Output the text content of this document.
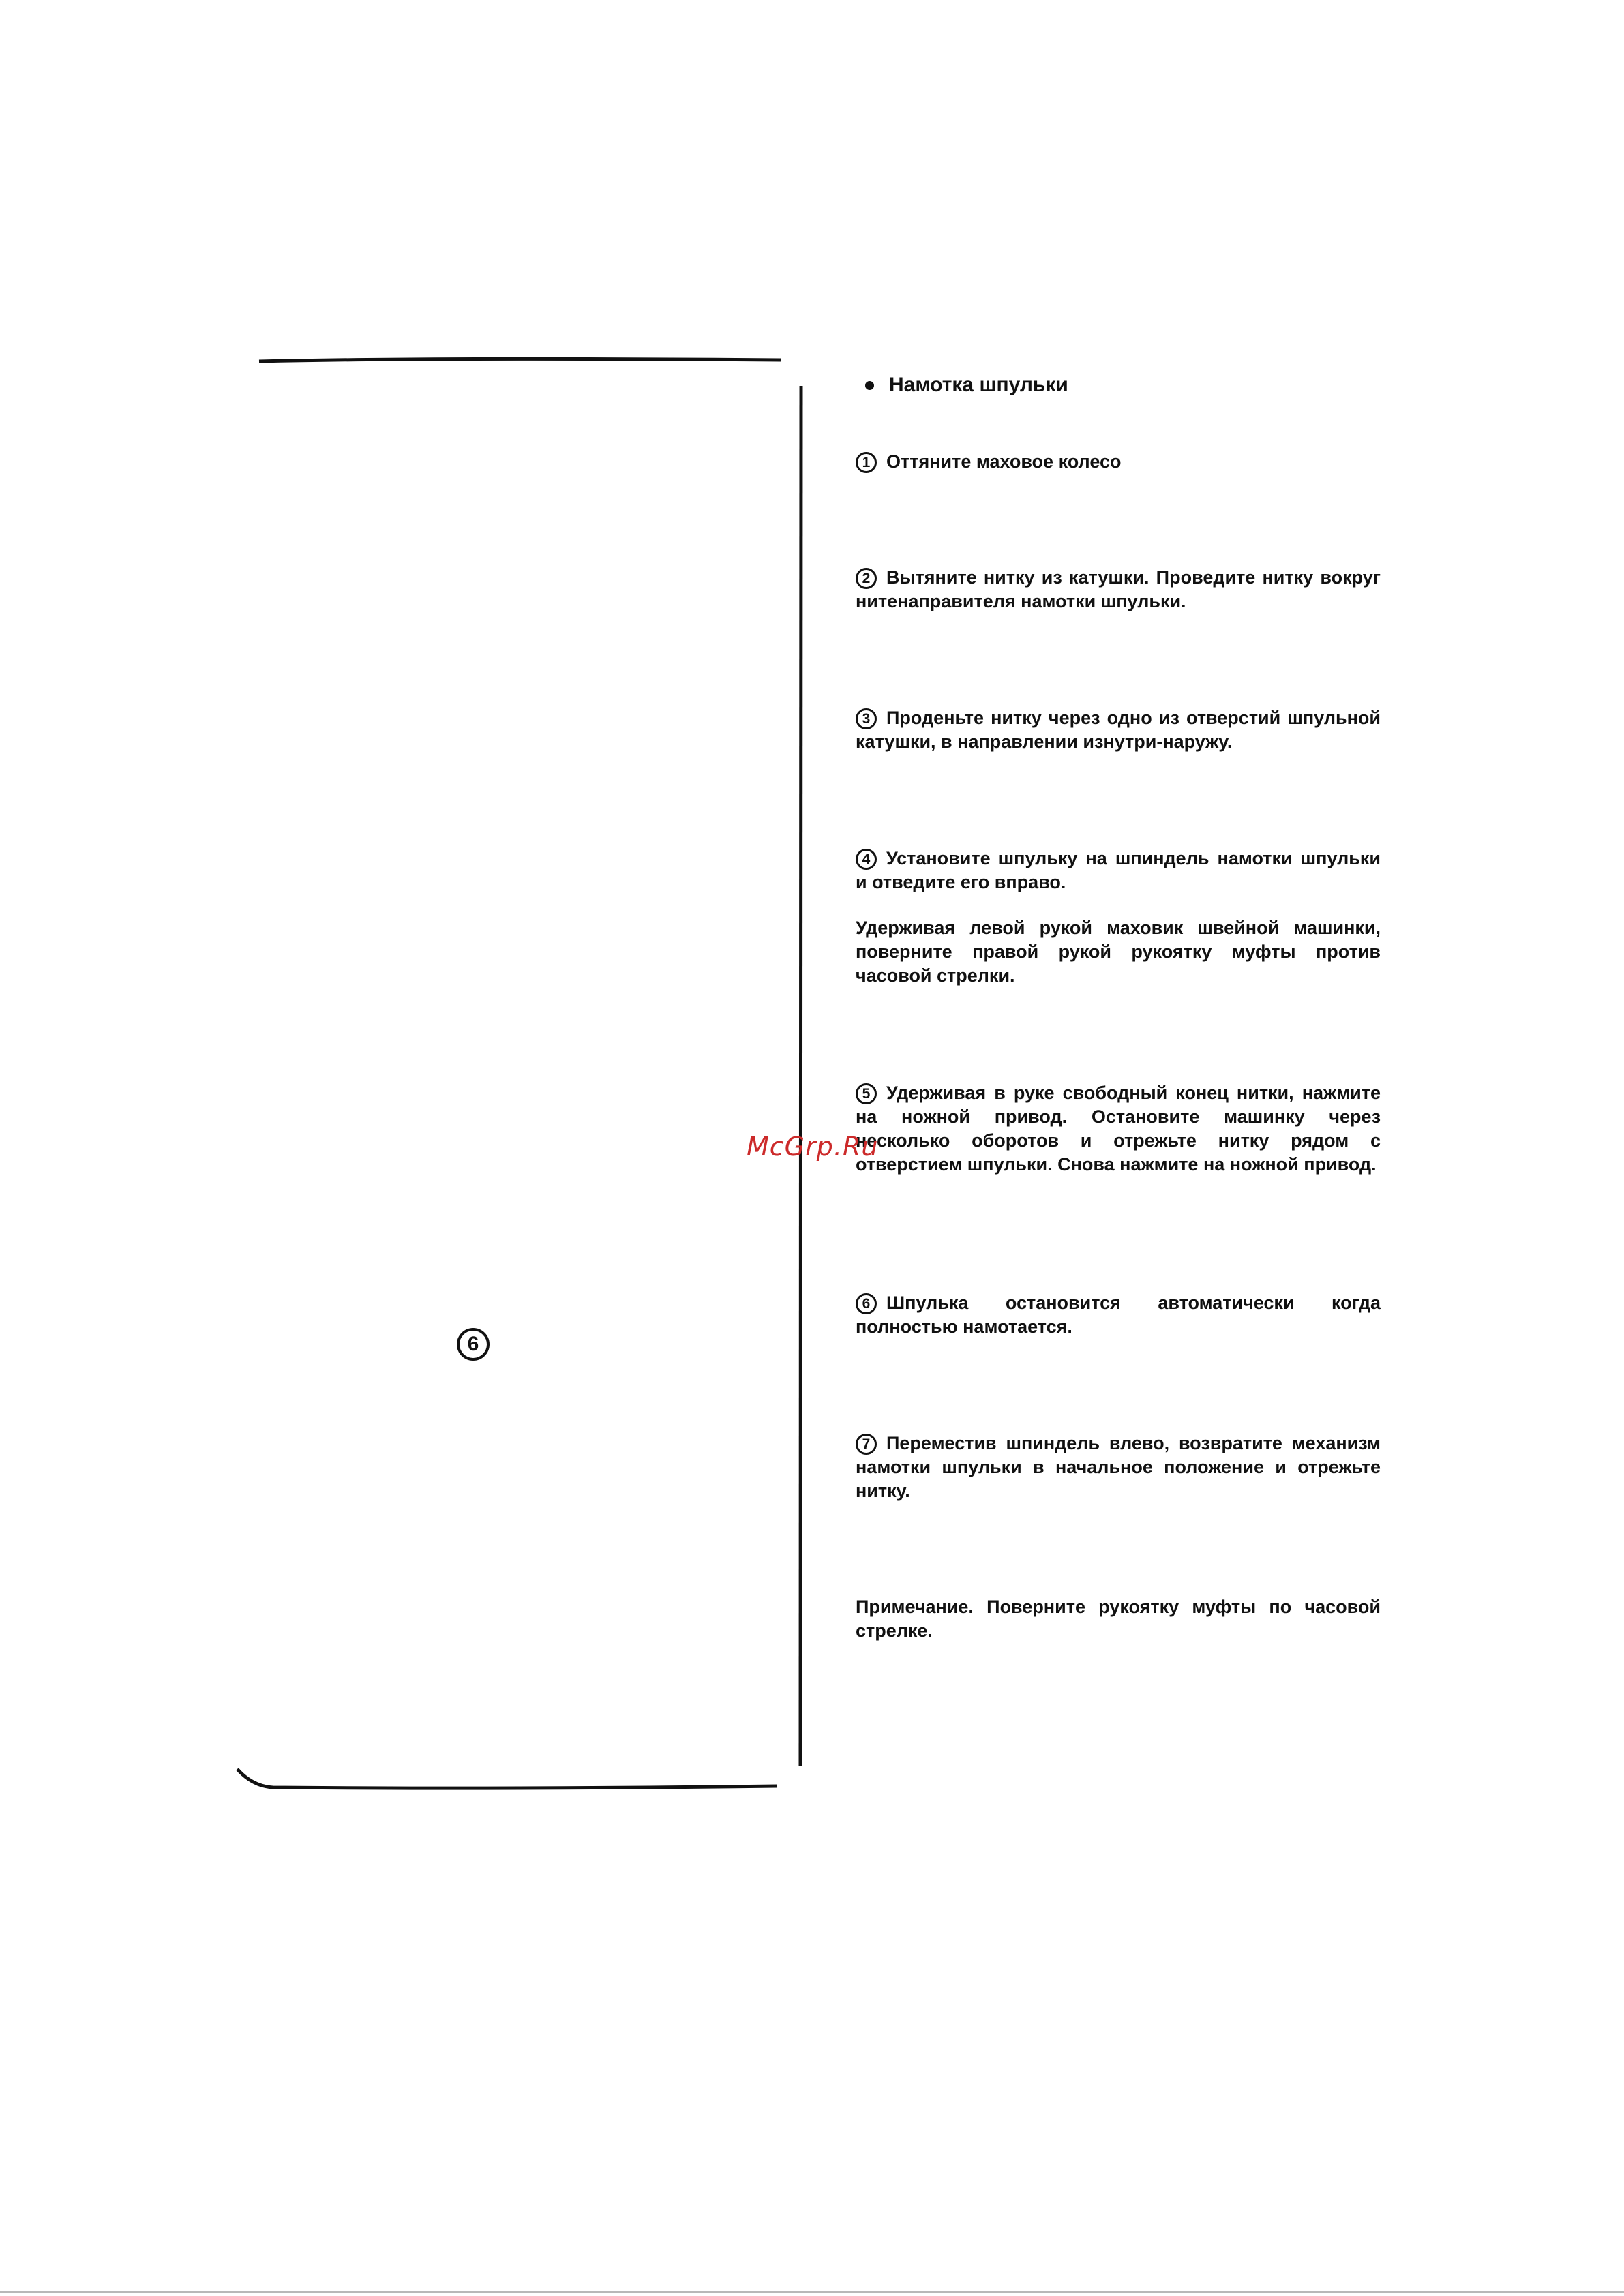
6
Намотка шпульки
1 Оттяните маховое колесо
2 Вытяните нитку из катушки. Проведите нитку вокруг нитенаправителя намотки шпульки.
3 Проденьте нитку через одно из отверстий шпульной катушки, в направлении изнутри-наружу.
4 Установите шпульку на шпиндель намотки шпульки и отведите его вправо.
Удерживая левой рукой маховик швейной машинки, поверните правой рукой рукоятку муфты против часовой стрелки.
5 Удерживая в руке свободный конец нитки, нажмите на ножной привод. Остановите машинку через несколько оборотов и отрежьте нитку рядом с отверстием шпульки. Снова нажмите на ножной привод.
6 Шпулька остановится автоматически когда полностью намотается.
7 Переместив шпиндель влево, возвратите механизм намотки шпульки в начальное положение и отрежьте нитку.
Примечание. Поверните рукоятку муфты по часовой стрелке.
McGrp.Ru
